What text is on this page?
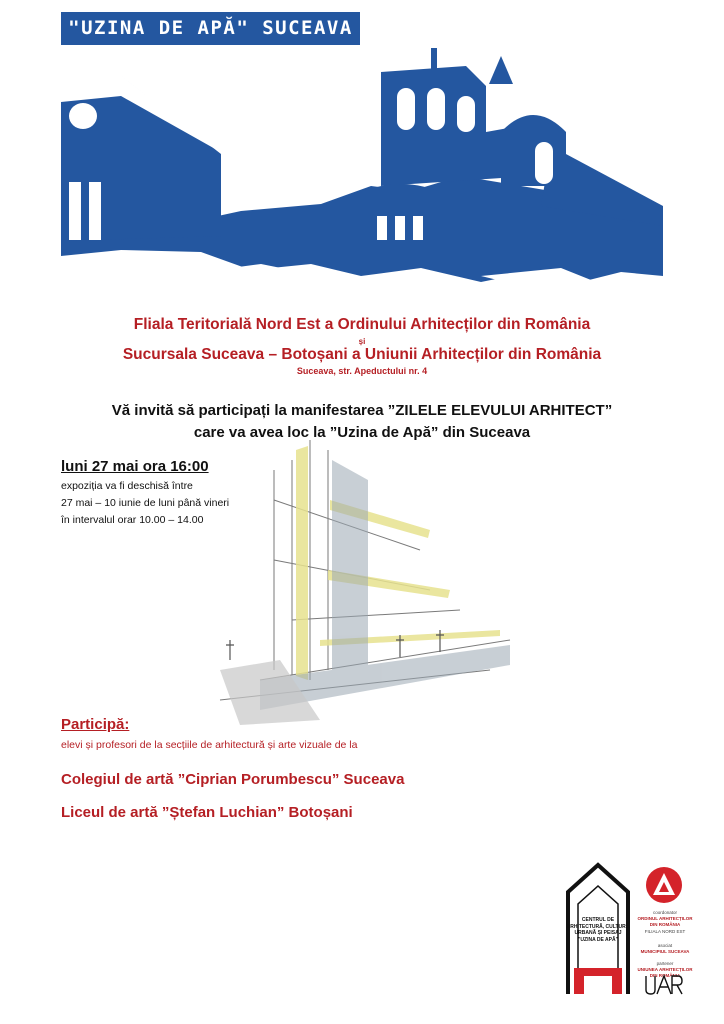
"UZINA DE APĂ" SUCEAVA
Fliala Teritorială Nord Est a Ordinului Arhitecților din România
și
Sucursala Suceava – Botoșani a Uniunii Arhitecților din România
Suceava, str. Apeductului nr. 4
Vă invită să participați la manifestarea ”ZILELE ELEVULUI ARHITECT”
care va avea loc la ”Uzina de Apă” din Suceava
luni 27 mai ora 16:00
expoziția va fi deschisă între
27 mai – 10 iunie de luni până vineri
în intervalul orar 10.00 – 14.00
Participă:
elevi și profesori de la secțiile de arhitectură și arte vizuale de la
Colegiul de artă ”Ciprian Porumbescu” Suceava
Liceul de artă ”Ștefan Luchian” Botoșani
CENTRUL DE ARHITECTURĂ, CULTURĂ URBANĂ ȘI PEISAJ "UZINA DE APĂ"
coordonator
ORDINUL ARHITECȚILOR DIN ROMÂNIA
FILIALA NORD EST
asociat
MUNICIPIUL SUCEAVA
partener
UNIUNEA ARHITECȚILOR DIN ROMÂNIA
